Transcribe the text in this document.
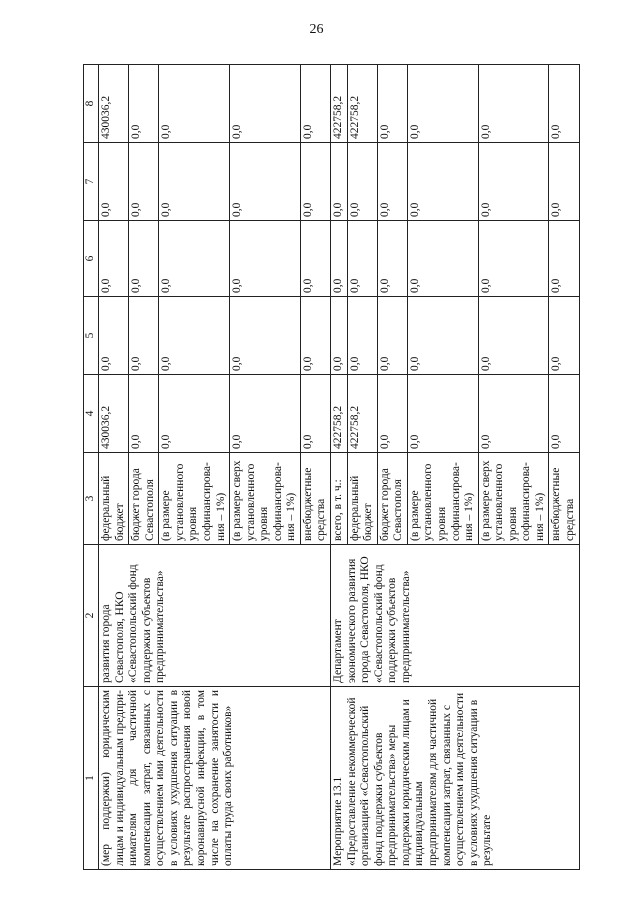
26
1	2	3	4	5	6	7	8
(мер поддержки) юридическим лицам и индивидуальным предпри-нимателям для частичной компенсации затрат, связанных с осуществлением ими деятельности в условиях ухудшения ситуации в результате распространения новой коронавирусной инфекции, в том числе на сохранение занятости и оплаты труда своих работников»	развития города Севастополя, НКО «Севастопольский фонд поддержки субъектов предпринимательства»	федеральный бюджет	430036,2	0,0	0,0	0,0	430036,2
		бюджет города Севастополя	0,0	0,0	0,0	0,0	0,0
		(в размере установленного уровня софинансирова-ния – 1%)	0,0	0,0	0,0	0,0	0,0
		(в размере сверх установленного уровня софинансирова-ния – 1%)	0,0	0,0	0,0	0,0	0,0
		внебюджетные средства	0,0	0,0	0,0	0,0	0,0
Мероприятие 13.1 «Предоставление некоммерческой организацией «Севастопольский фонд поддержки субъектов предпринимательства» меры поддержки юридическим лицам и индивидуальным предпринимателям для частичной компенсации затрат, связанных с осуществлением ими деятельности в условиях ухудшения ситуации в результате	Департамент экономического развития города Севастополя, НКО «Севастопольский фонд поддержки субъектов предпринимательства»	всего, в т. ч.:	422758,2	0,0	0,0	0,0	422758,2
		федеральный бюджет	422758,2	0,0	0,0	0,0	422758,2
		бюджет города Севастополя	0,0	0,0	0,0	0,0	0,0
		(в размере установленного уровня софинансирова-ния – 1%)	0,0	0,0	0,0	0,0	0,0
		(в размере сверх установленного уровня софинансирова-ния – 1%)	0,0	0,0	0,0	0,0	0,0
		внебюджетные средства	0,0	0,0	0,0	0,0	0,0
